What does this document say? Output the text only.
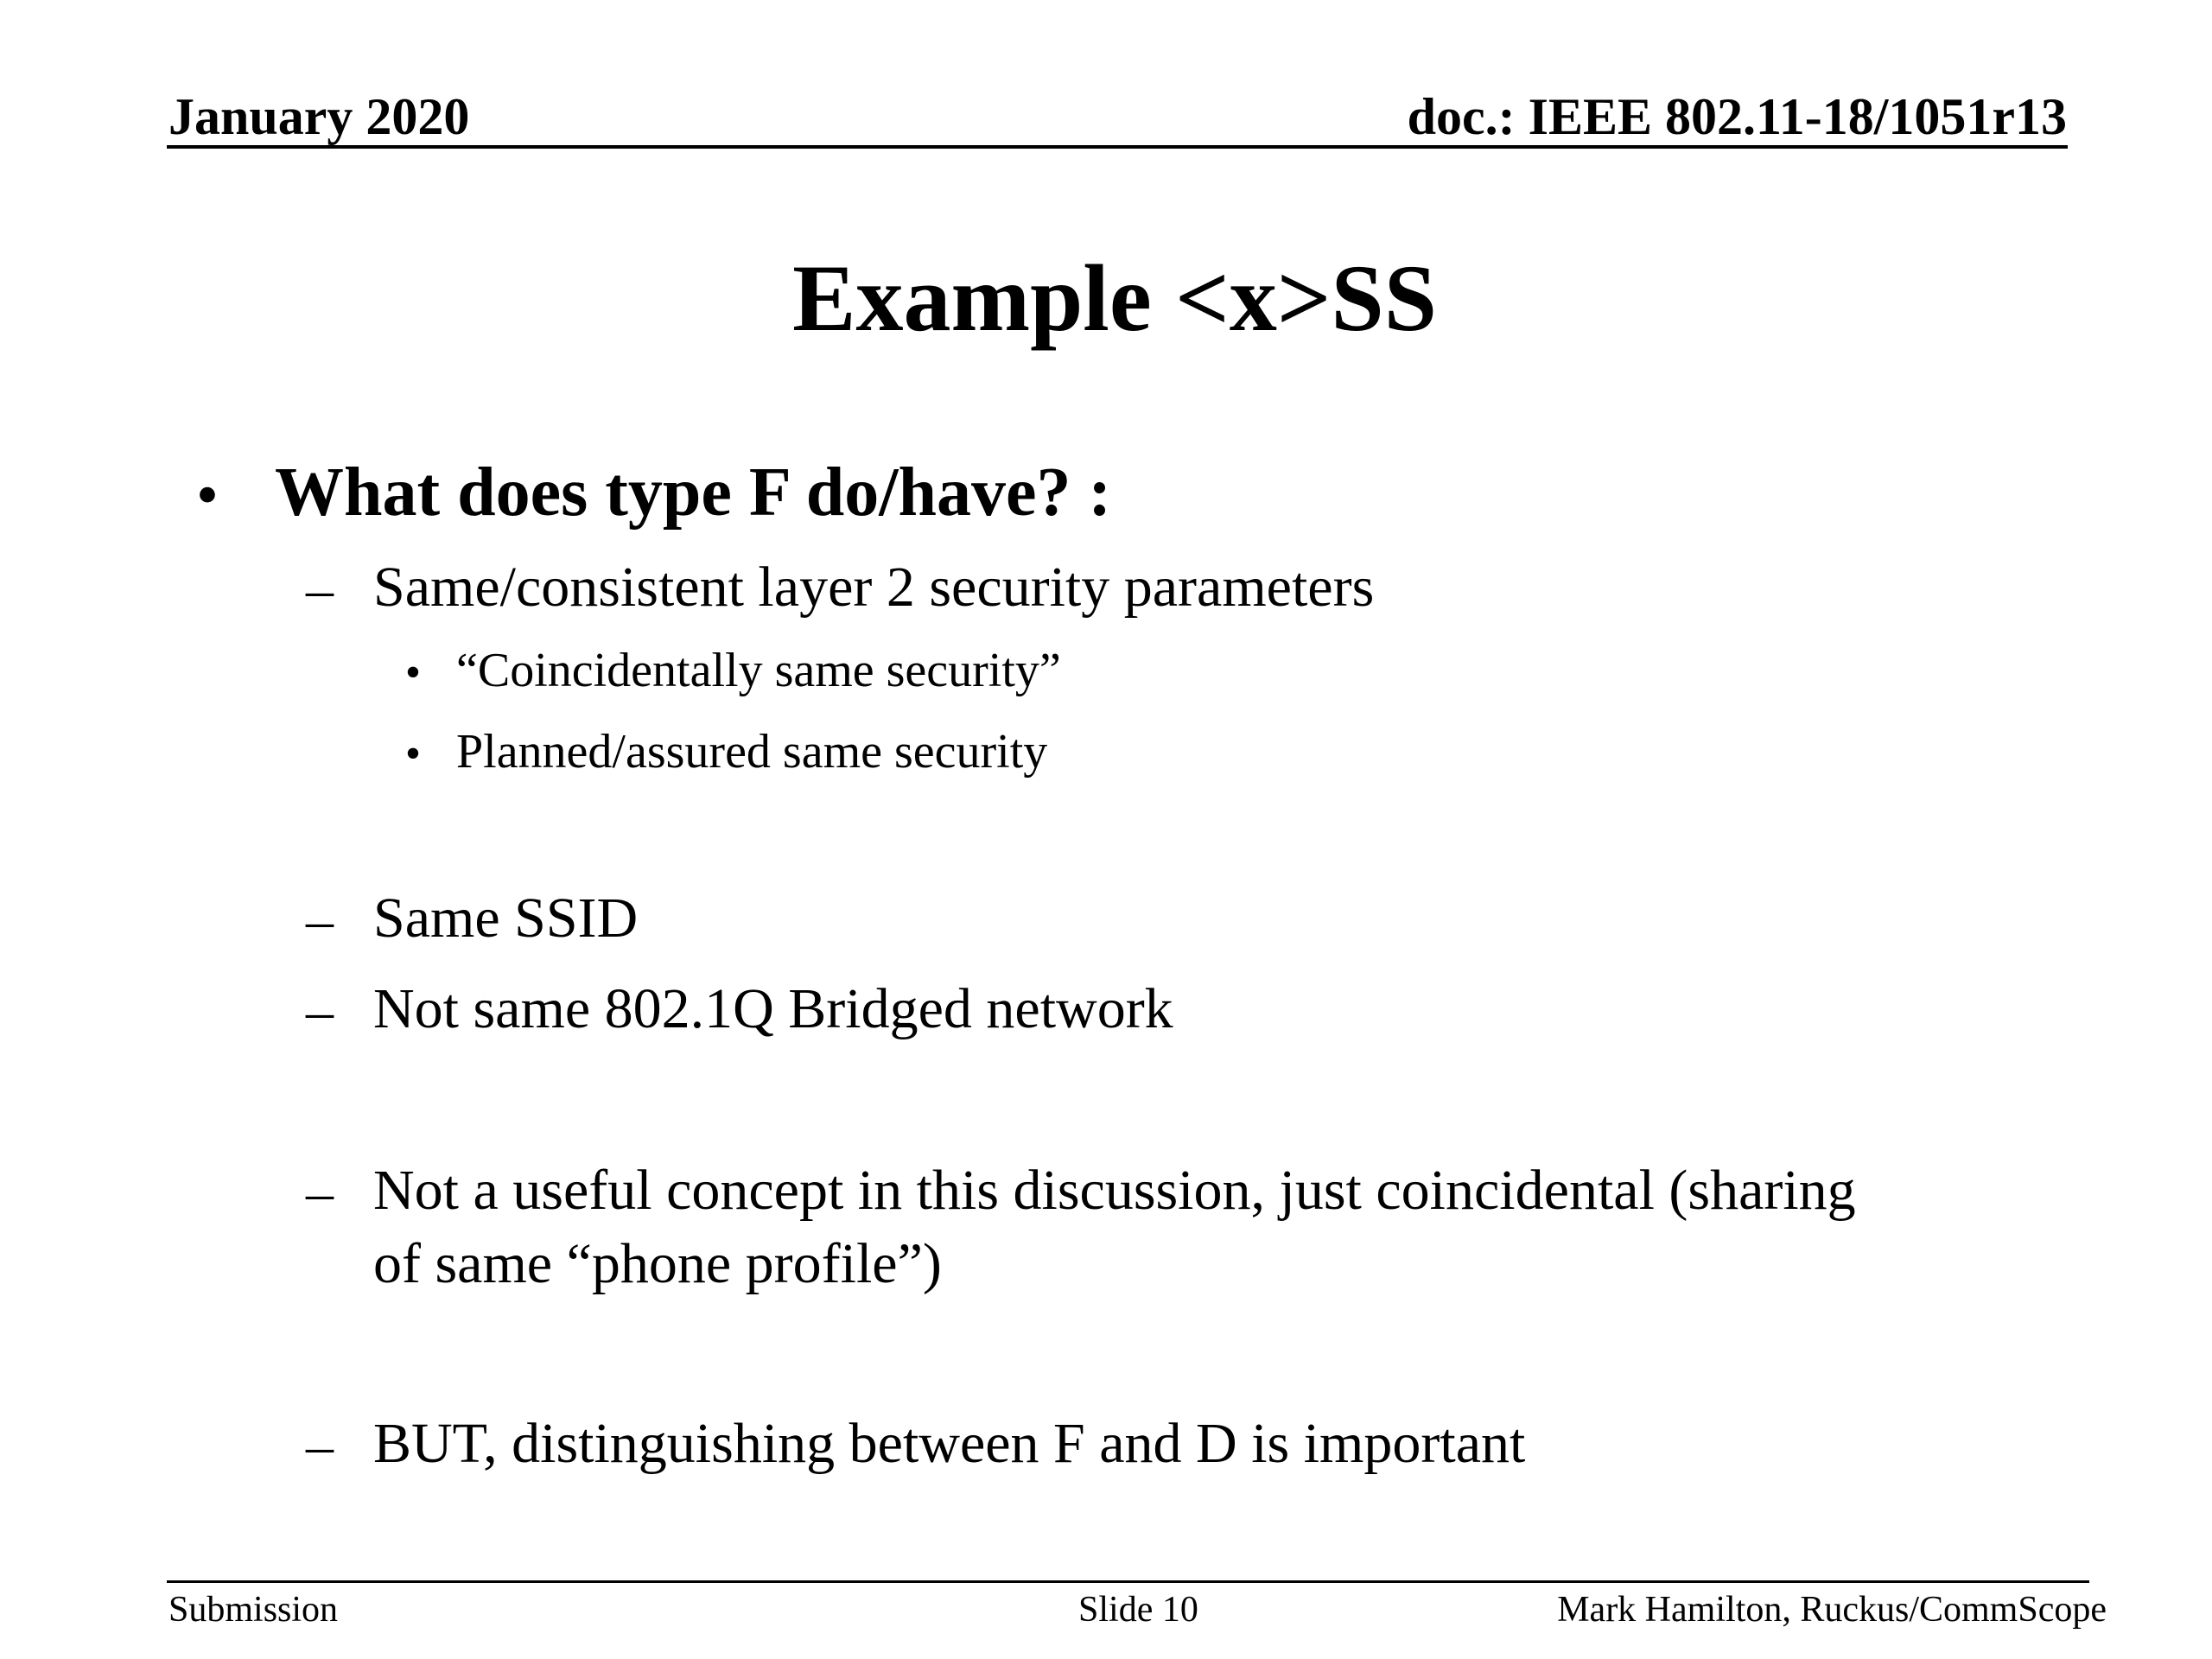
January 2020	doc.: IEEE 802.11-18/1051r13
Example <x>SS
• What does type F do/have? :
– Same/consistent layer 2 security parameters
• “Coincidentally same security”
• Planned/assured same security
– Same SSID
– Not same 802.1Q Bridged network
– Not a useful concept in this discussion, just coincidental (sharing
of same “phone profile”)
– BUT, distinguishing between F and D is important
Submission	Slide 10	Mark Hamilton, Ruckus/CommScope
